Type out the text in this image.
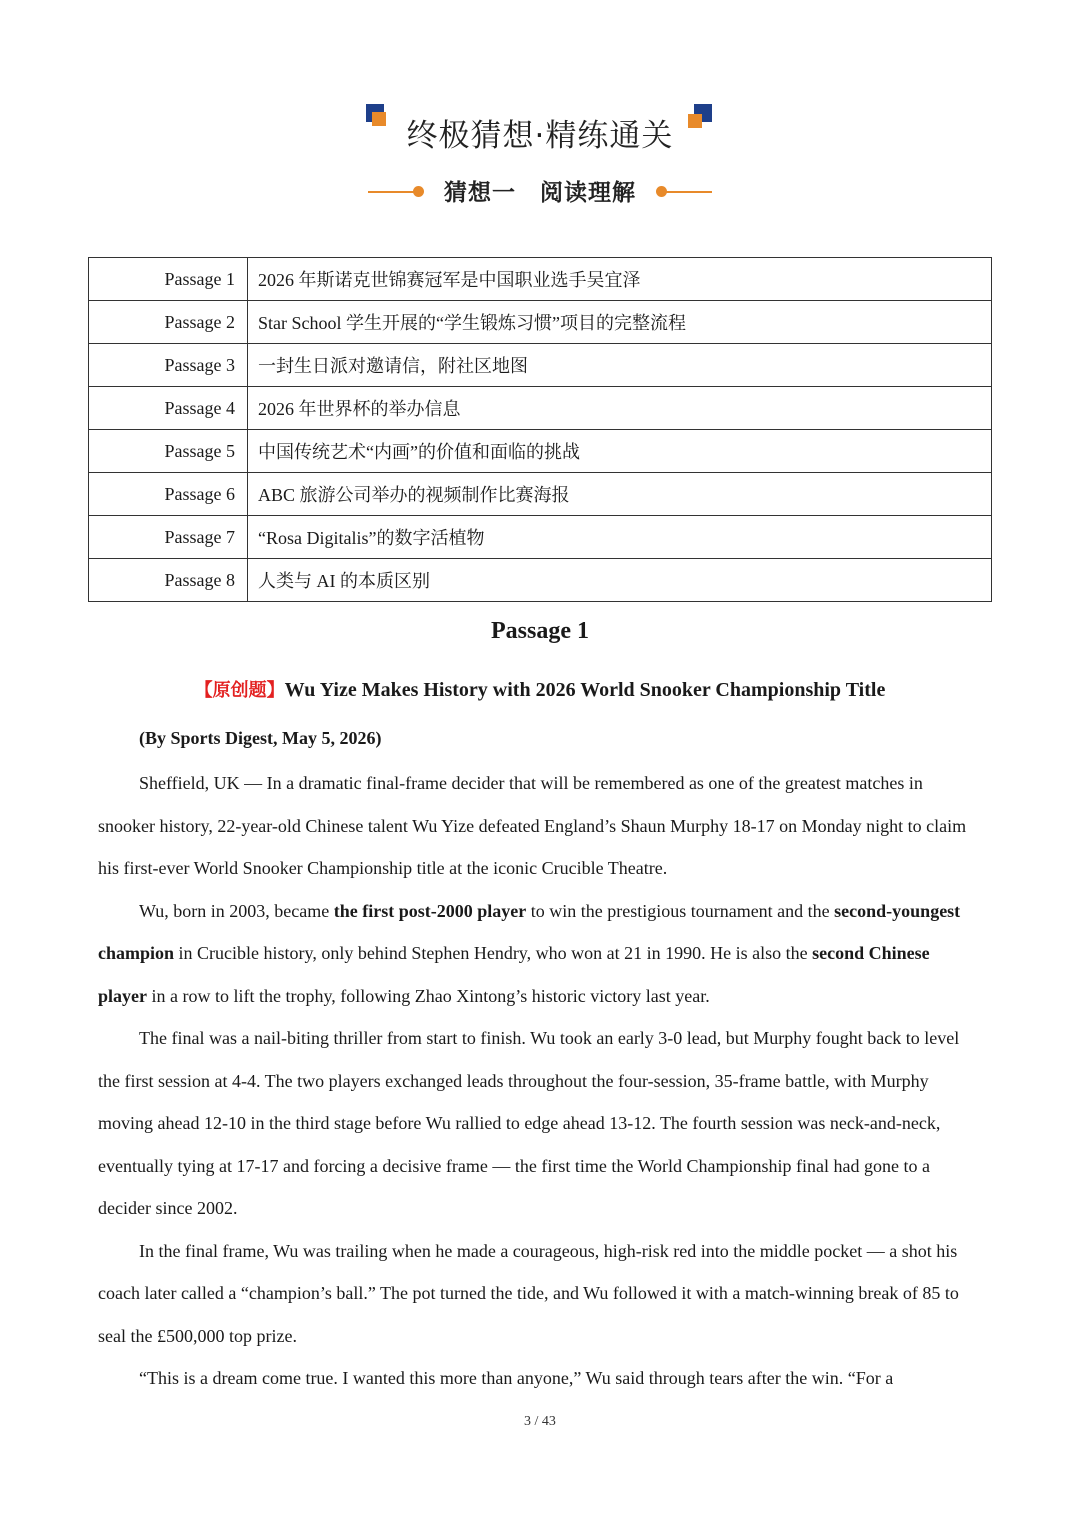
终极猜想·精练通关
猜想一　阅读理解
Passage 1	2026 年斯诺克世锦赛冠军是中国职业选手吴宜泽
Passage 2	Star School 学生开展的“学生锻炼习惯”项目的完整流程
Passage 3	一封生日派对邀请信，附社区地图
Passage 4	2026 年世界杯的举办信息
Passage 5	中国传统艺术“内画”的价值和面临的挑战
Passage 6	ABC 旅游公司举办的视频制作比赛海报
Passage 7	“Rosa Digitalis”的数字活植物
Passage 8	人类与 AI 的本质区别
Passage 1
【原创题】Wu Yize Makes History with 2026 World Snooker Championship Title
(By Sports Digest, May 5, 2026)

Sheffield, UK — In a dramatic final-frame decider that will be remembered as one of the greatest matches in snooker history, 22-year-old Chinese talent Wu Yize defeated England’s Shaun Murphy 18-17 on Monday night to claim his first-ever World Snooker Championship title at the iconic Crucible Theatre.

Wu, born in 2003, became the first post-2000 player to win the prestigious tournament and the second-youngest champion in Crucible history, only behind Stephen Hendry, who won at 21 in 1990. He is also the second Chinese player in a row to lift the trophy, following Zhao Xintong’s historic victory last year.

The final was a nail-biting thriller from start to finish. Wu took an early 3-0 lead, but Murphy fought back to level the first session at 4-4. The two players exchanged leads throughout the four-session, 35-frame battle, with Murphy moving ahead 12-10 in the third stage before Wu rallied to edge ahead 13-12. The fourth session was neck-and-neck, eventually tying at 17-17 and forcing a decisive frame — the first time the World Championship final had gone to a decider since 2002.

In the final frame, Wu was trailing when he made a courageous, high-risk red into the middle pocket — a shot his coach later called a “champion’s ball.” The pot turned the tide, and Wu followed it with a match-winning break of 85 to seal the £500,000 top prize.

“This is a dream come true. I wanted this more than anyone,” Wu said through tears after the win. “For a

3 / 43
